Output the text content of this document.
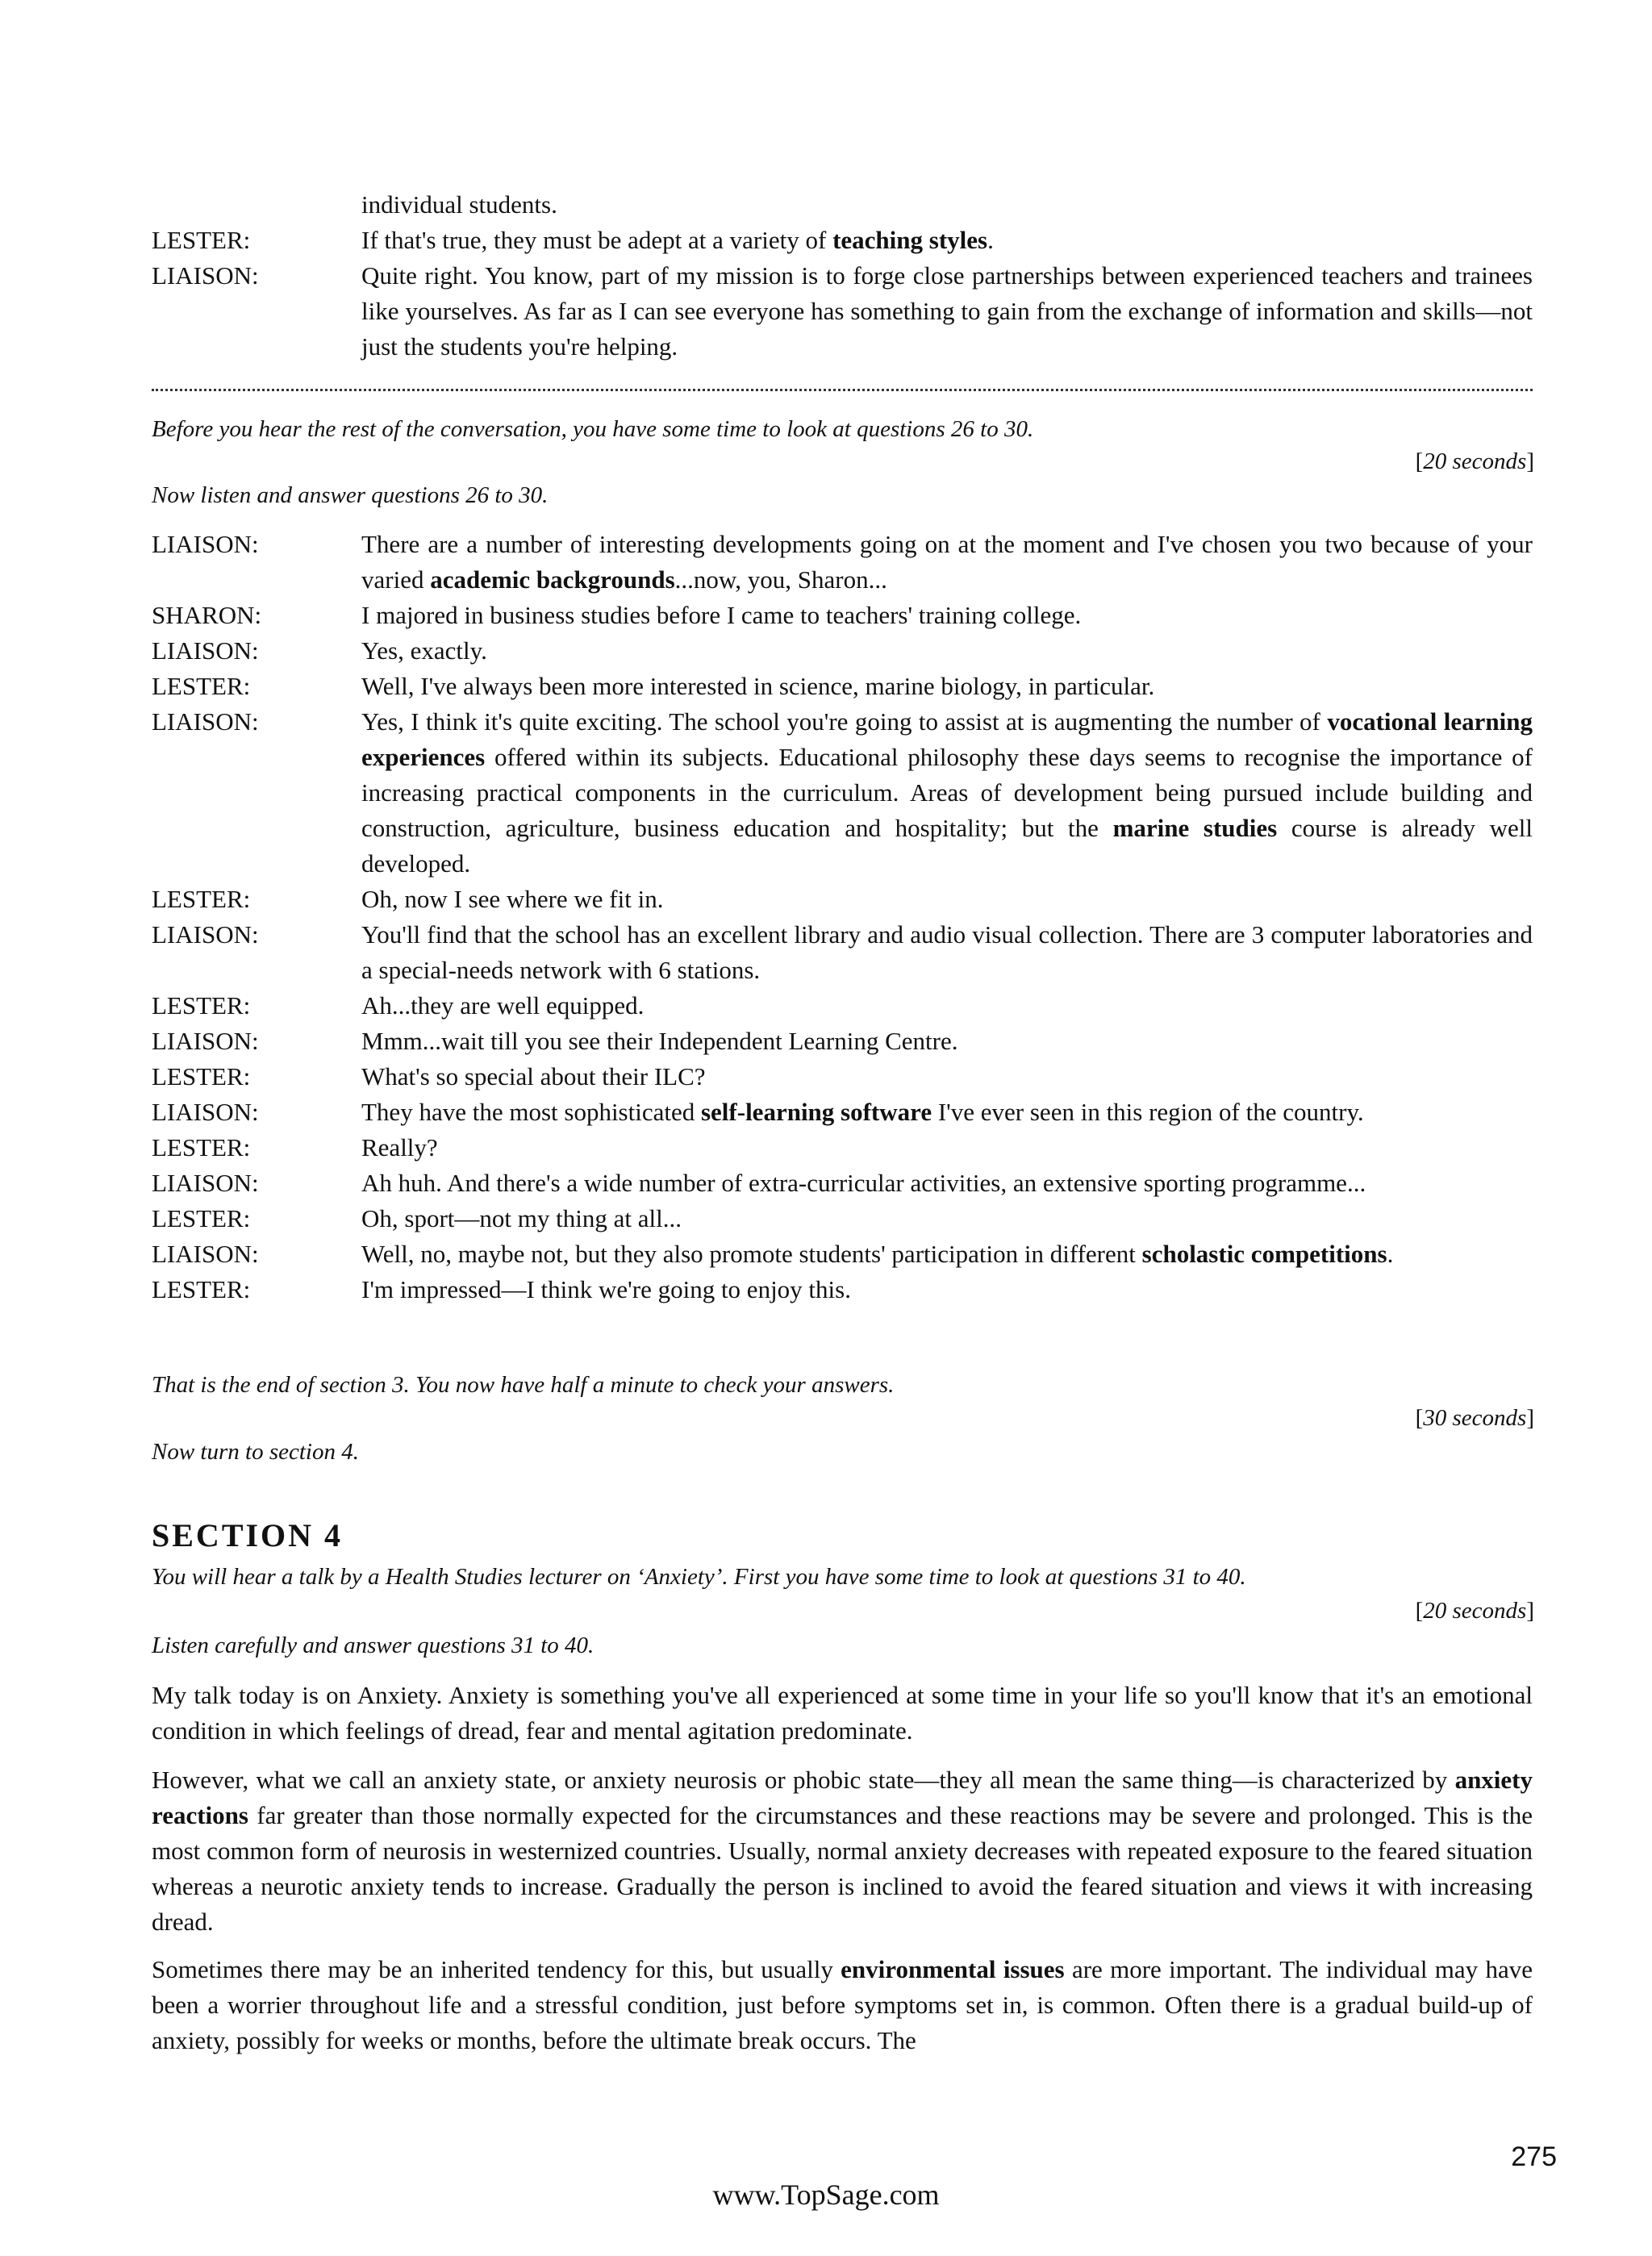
individual students.
LESTER:	If that's true, they must be adept at a variety of teaching styles.
LIAISON:	Quite right. You know, part of my mission is to forge close partnerships between experienced teachers and trainees like yourselves. As far as I can see everyone has something to gain from the exchange of information and skills—not just the students you're helping.
Before you hear the rest of the conversation, you have some time to look at questions 26 to 30.
[20 seconds]
Now listen and answer questions 26 to 30.
LIAISON:	There are a number of interesting developments going on at the moment and I've chosen you two because of your varied academic backgrounds...now, you, Sharon...
SHARON:	I majored in business studies before I came to teachers' training college.
LIAISON:	Yes, exactly.
LESTER:	Well, I've always been more interested in science, marine biology, in particular.
LIAISON:	Yes, I think it's quite exciting. The school you're going to assist at is augmenting the number of vocational learning experiences offered within its subjects. Educational philosophy these days seems to recognise the importance of increasing practical components in the curriculum. Areas of development being pursued include building and construction, agriculture, business education and hospitality; but the marine studies course is already well developed.
LESTER:	Oh, now I see where we fit in.
LIAISON:	You'll find that the school has an excellent library and audio visual collection. There are 3 computer laboratories and a special-needs network with 6 stations.
LESTER:	Ah...they are well equipped.
LIAISON:	Mmm...wait till you see their Independent Learning Centre.
LESTER:	What's so special about their ILC?
LIAISON:	They have the most sophisticated self-learning software I've ever seen in this region of the country.
LESTER:	Really?
LIAISON:	Ah huh. And there's a wide number of extra-curricular activities, an extensive sporting programme...
LESTER:	Oh, sport—not my thing at all...
LIAISON:	Well, no, maybe not, but they also promote students' participation in different scholastic competitions.
LESTER:	I'm impressed—I think we're going to enjoy this.
That is the end of section 3. You now have half a minute to check your answers.
[30 seconds]
Now turn to section 4.
SECTION 4
You will hear a talk by a Health Studies lecturer on ‘Anxiety’. First you have some time to look at questions 31 to 40.
[20 seconds]
Listen carefully and answer questions 31 to 40.
My talk today is on Anxiety. Anxiety is something you've all experienced at some time in your life so you'll know that it's an emotional condition in which feelings of dread, fear and mental agitation predominate.
However, what we call an anxiety state, or anxiety neurosis or phobic state—they all mean the same thing—is characterized by anxiety reactions far greater than those normally expected for the circumstances and these reactions may be severe and prolonged. This is the most common form of neurosis in westernized countries. Usually, normal anxiety decreases with repeated exposure to the feared situation whereas a neurotic anxiety tends to increase. Gradually the person is inclined to avoid the feared situation and views it with increasing dread.
Sometimes there may be an inherited tendency for this, but usually environmental issues are more important. The individual may have been a worrier throughout life and a stressful condition, just before symptoms set in, is common. Often there is a gradual build-up of anxiety, possibly for weeks or months, before the ultimate break occurs. The
275
www.TopSage.com
